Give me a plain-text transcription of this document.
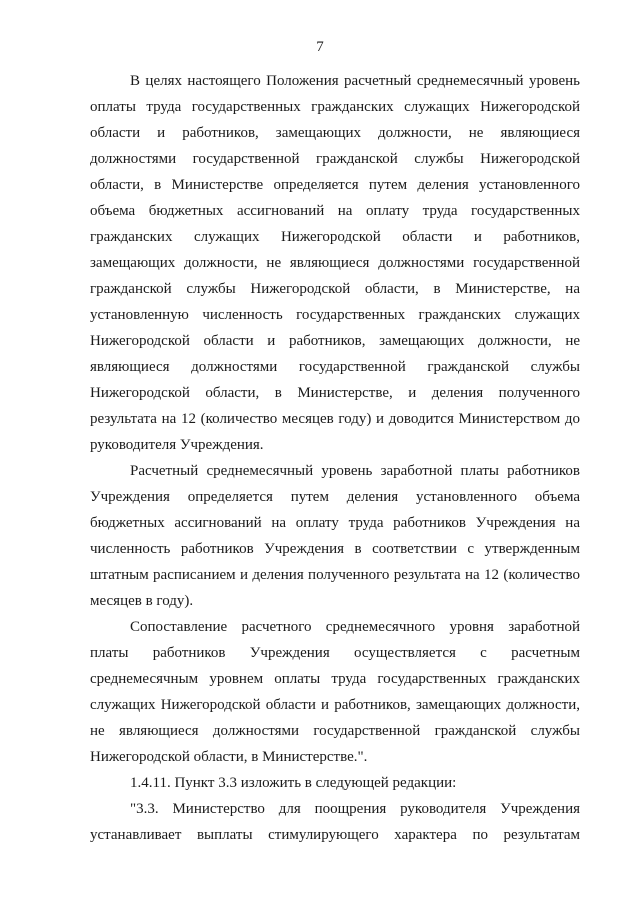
7

В целях настоящего Положения расчетный среднемесячный уровень оплаты труда государственных гражданских служащих Нижегородской области и работников, замещающих должности, не являющиеся должностями государственной гражданской службы Нижегородской области, в Министерстве определяется путем деления установленного объема бюджетных ассигнований на оплату труда государственных гражданских служащих Нижегородской области и работников, замещающих должности, не являющиеся должностями государственной гражданской службы Нижегородской области, в Министерстве, на установленную численность государственных гражданских служащих Нижегородской области и работников, замещающих должности, не являющиеся должностями государственной гражданской службы Нижегородской области, в Министерстве, и деления полученного результата на 12 (количество месяцев году) и доводится Министерством до руководителя Учреждения.

Расчетный среднемесячный уровень заработной платы работников Учреждения определяется путем деления установленного объема бюджетных ассигнований на оплату труда работников Учреждения на численность работников Учреждения в соответствии с утвержденным штатным расписанием и деления полученного результата на 12 (количество месяцев в году).

Сопоставление расчетного среднемесячного уровня заработной платы работников Учреждения осуществляется с расчетным среднемесячным уровнем оплаты труда государственных гражданских служащих Нижегородской области и работников, замещающих должности, не являющиеся должностями государственной гражданской службы Нижегородской области, в Министерстве.".

1.4.11. Пункт 3.3 изложить в следующей редакции:

"3.3. Министерство для поощрения руководителя Учреждения устанавливает выплаты стимулирующего характера по результатам
